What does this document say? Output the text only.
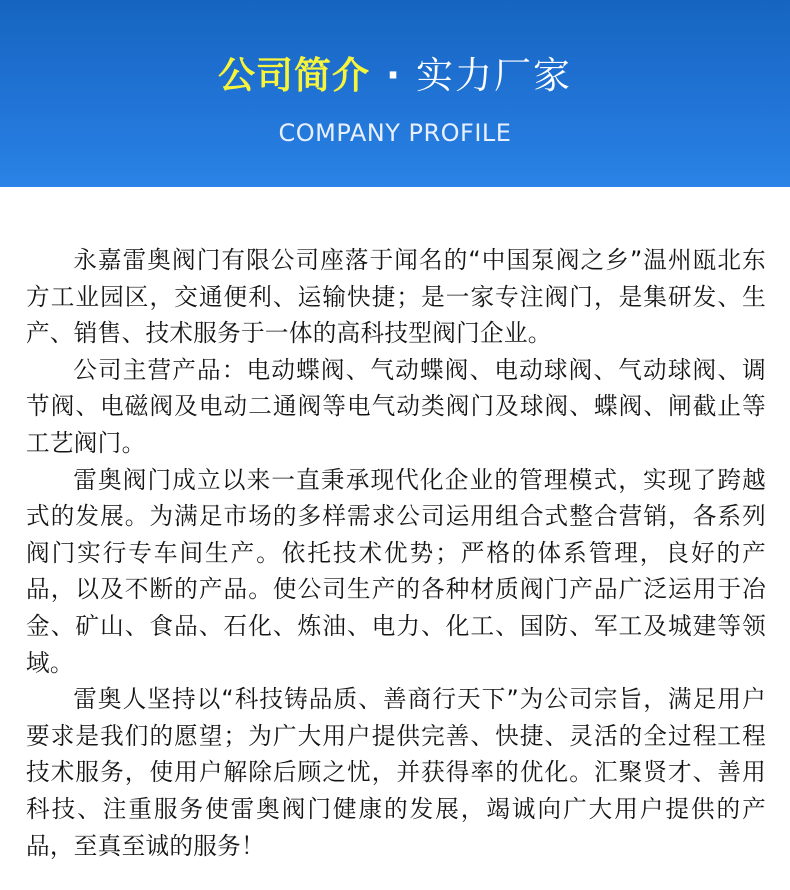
公司简介 · 实力厂家
COMPANY PROFILE

永嘉雷奥阀门有限公司座落于闻名的“中国泵阀之乡”温州瓯北东方工业园区，交通便利、运输快捷；是一家专注阀门，是集研发、生产、销售、技术服务于一体的高科技型阀门企业。

公司主营产品：电动蝶阀、气动蝶阀、电动球阀、气动球阀、调节阀、电磁阀及电动二通阀等电气动类阀门及球阀、蝶阀、闸截止等工艺阀门。

雷奥阀门成立以来一直秉承现代化企业的管理模式，实现了跨越式的发展。为满足市场的多样需求公司运用组合式整合营销，各系列阀门实行专车间生产。依托技术优势；严格的体系管理，良好的产品，以及不断的产品。使公司生产的各种材质阀门产品广泛运用于冶金、矿山、食品、石化、炼油、电力、化工、国防、军工及城建等领域。

雷奥人坚持以“科技铸品质、善商行天下”为公司宗旨，满足用户要求是我们的愿望；为广大用户提供完善、快捷、灵活的全过程工程技术服务，使用户解除后顾之忧，并获得率的优化。汇聚贤才、善用科技、注重服务使雷奥阀门健康的发展，竭诚向广大用户提供的产品，至真至诚的服务！
